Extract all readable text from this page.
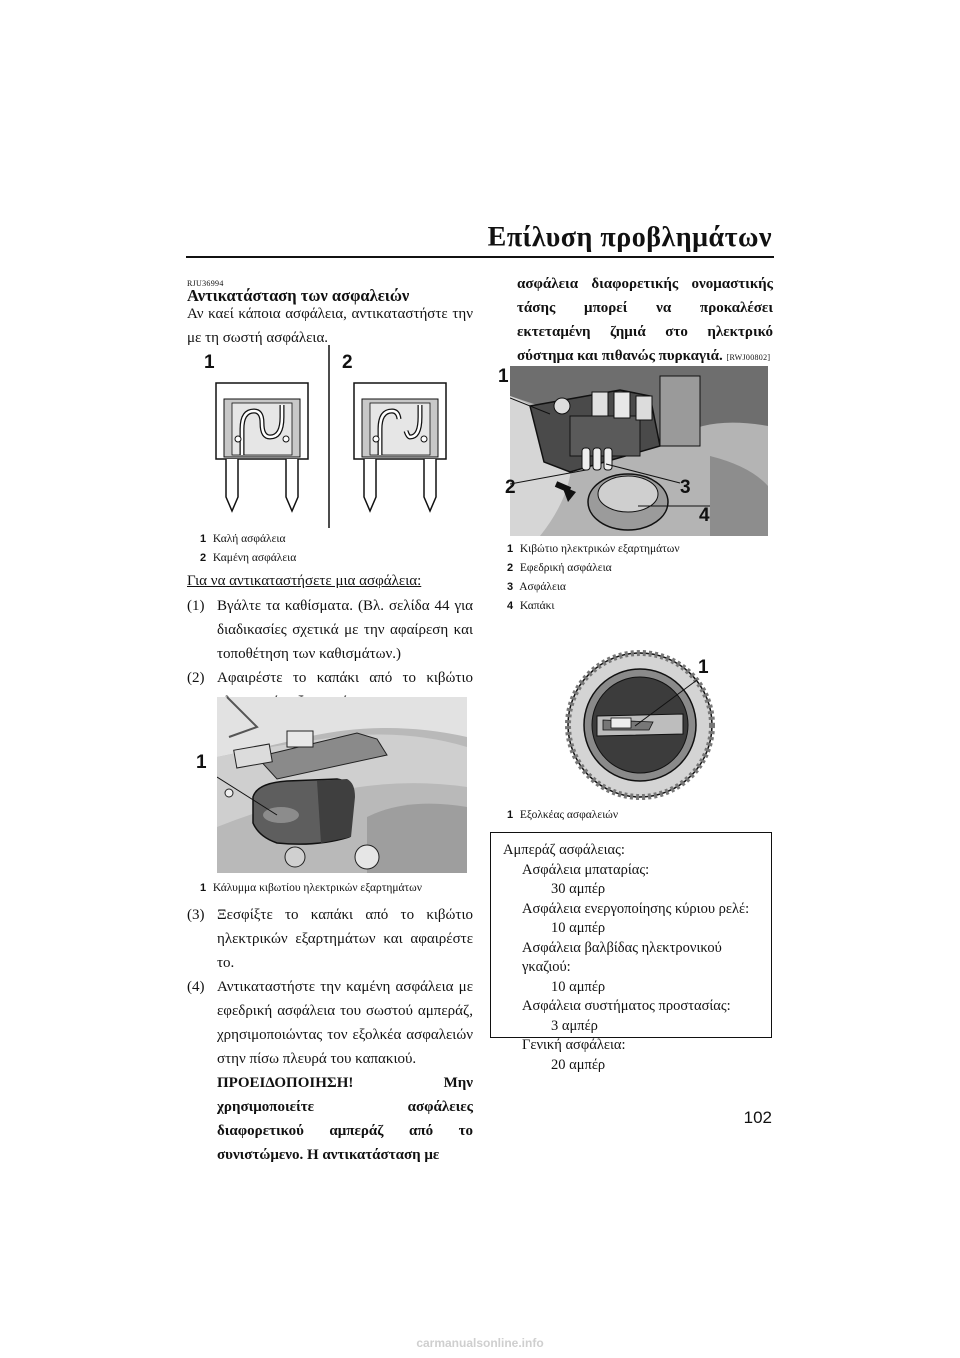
Επίλυση προβλημάτων
RJU36994
Αντικατάσταση των ασφαλειών
Αν καεί κάποια ασφάλεια, αντικαταστήστε την με τη σωστή ασφάλεια.
1	2
1 Καλή ασφάλεια
2 Καμένη ασφάλεια
Για να αντικαταστήσετε μια ασφάλεια:
(1) Βγάλτε τα καθίσματα. (Βλ. σελίδα 44 για διαδικασίες σχετικά με την αφαίρεση και τοποθέτηση των καθισμάτων.)
(2) Αφαιρέστε το καπάκι από το κιβώτιο
1
1 Κάλυμμα κιβωτίου ηλεκτρικών εξαρτημάτων
(3) Ξεσφίξτε το καπάκι από το κιβώτιο ηλεκτρικών εξαρτημάτων και αφαιρέστε το.
(4) Αντικαταστήστε την καμένη ασφάλεια με εφεδρική ασφάλεια του σωστού αμπεράζ, χρησιμοποιώντας τον εξολκέα ασφαλειών στην πίσω πλευρά του καπακιού.
ΠΡΟΕΙΔΟΠΟΙΗΣΗ! Μην χρησιμοποιείτε ασφάλειες διαφορετικού αμπεράζ από το συνιστώμενο. Η αντικατάσταση με
ασφάλεια διαφορετικής ονομαστικής τάσης μπορεί να προκαλέσει εκτεταμένη ζημιά στο ηλεκτρικό σύστημα και πιθανώς πυρκαγιά. [RWJ00802]
1
2	3
4
1 Κιβώτιο ηλεκτρικών εξαρτημάτων
2 Εφεδρική ασφάλεια
3 Ασφάλεια
4 Καπάκι
1
1 Εξολκέας ασφαλειών
Αμπεράζ ασφάλειας:
Ασφάλεια μπαταρίας:
30 αμπέρ
Ασφάλεια ενεργοποίησης κύριου ρελέ:
10 αμπέρ
Ασφάλεια βαλβίδας ηλεκτρονικού
γκαζιού:
10 αμπέρ
Ασφάλεια συστήματος προστασίας:
3 αμπέρ
Γενική ασφάλεια:
20 αμπέρ
102
carmanualsonline.info
